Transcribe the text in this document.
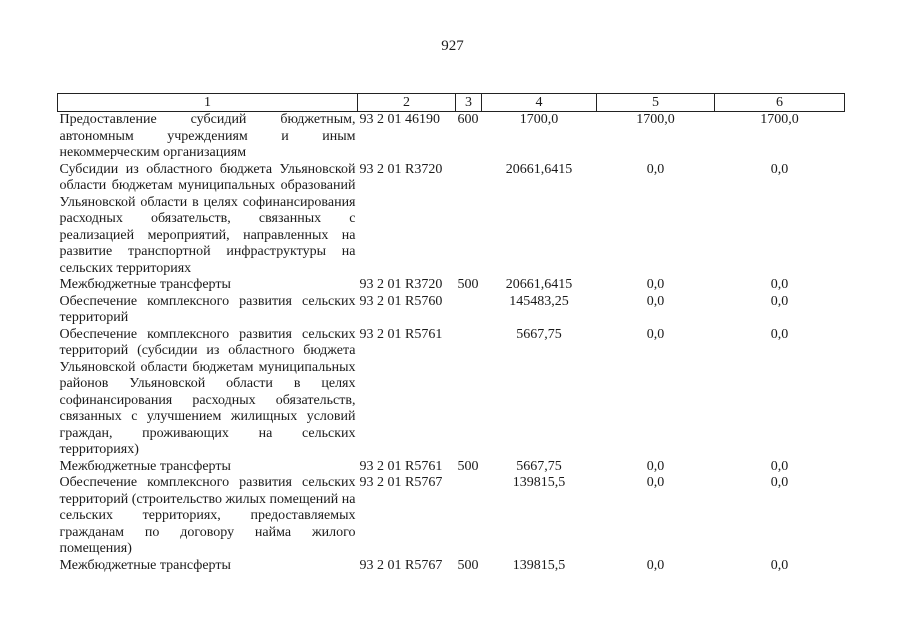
927
1	2	3	4	5	6
Предоставление субсидий бюджетным, автономным учреждениям и иным некоммерческим организациям	93 2 01 46190	600	1700,0	1700,0	1700,0
Субсидии из областного бюджета Ульяновской области бюджетам муниципальных образований Ульяновской области в целях софинансирования расходных обязательств, связанных с реализацией мероприятий, направленных на развитие транспортной инфраструктуры на сельских территориях	93 2 01 R3720		20661,6415	0,0	0,0
Межбюджетные трансферты	93 2 01 R3720	500	20661,6415	0,0	0,0
Обеспечение комплексного развития сельских территорий	93 2 01 R5760		145483,25	0,0	0,0
Обеспечение комплексного развития сельских территорий (субсидии из областного бюджета Ульяновской области бюджетам муниципальных районов Ульяновской области в целях софинансирования расходных обязательств, связанных с улучшением жилищных условий граждан, проживающих на сельских территориях)	93 2 01 R5761		5667,75	0,0	0,0
Межбюджетные трансферты	93 2 01 R5761	500	5667,75	0,0	0,0
Обеспечение комплексного развития сельских территорий (строительство жилых помещений на сельских территориях, предоставляемых гражданам по договору найма жилого помещения)	93 2 01 R5767		139815,5	0,0	0,0
Межбюджетные трансферты	93 2 01 R5767	500	139815,5	0,0	0,0
